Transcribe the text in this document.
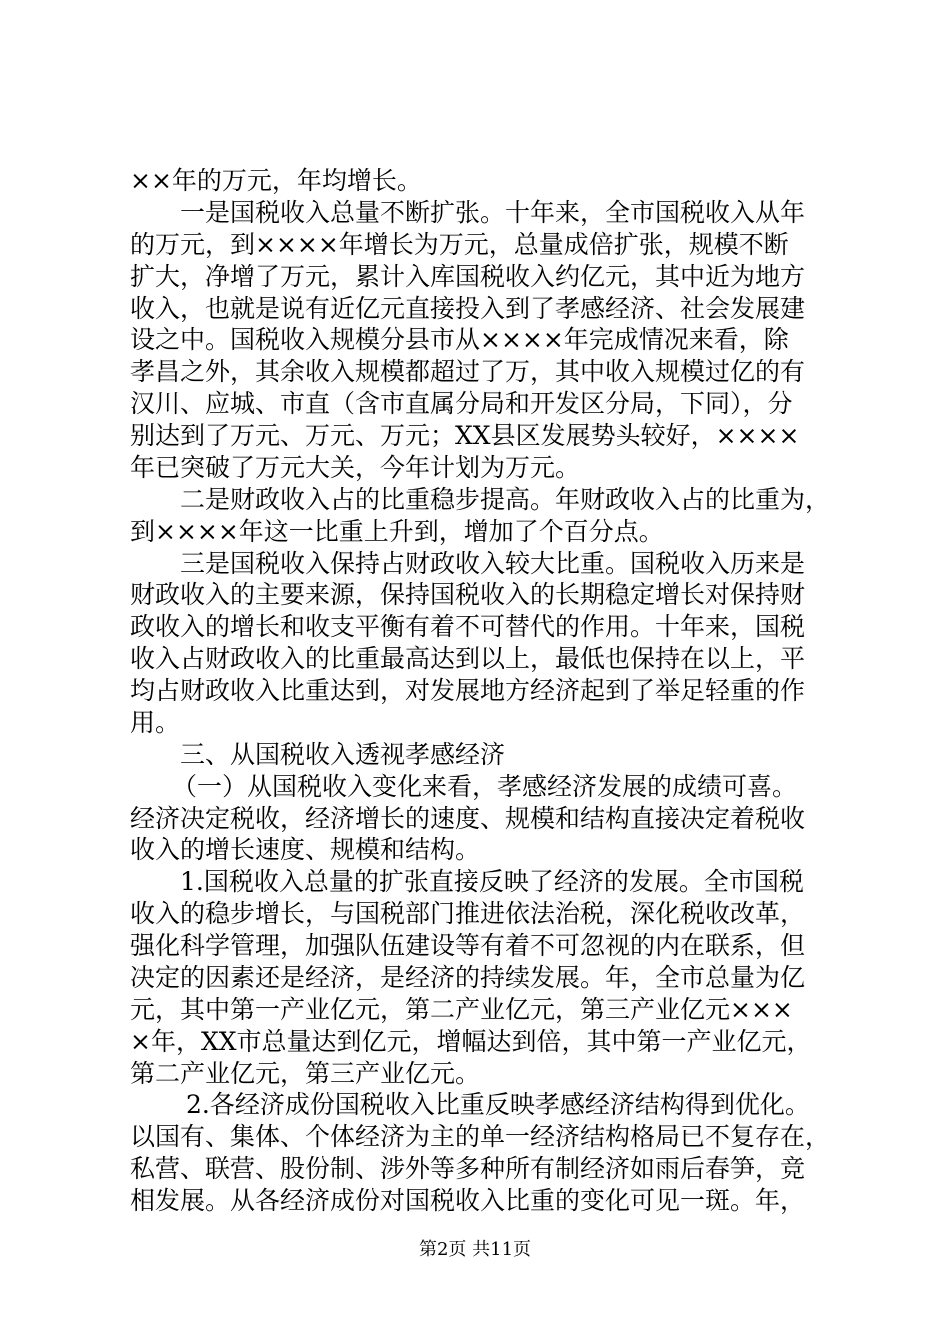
××年的万元，年均增长。
一是国税收入总量不断扩张。十年来，全市国税收入从年
的万元，到××××年增长为万元，总量成倍扩张，规模不断
扩大，净增了万元，累计入库国税收入约亿元，其中近为地方
收入，也就是说有近亿元直接投入到了孝感经济、社会发展建
设之中。国税收入规模分县市从××××年完成情况来看，除
孝昌之外，其余收入规模都超过了万，其中收入规模过亿的有
汉川、应城、市直（含市直属分局和开发区分局，下同），分
别达到了万元、万元、万元；XX县区发展势头较好，××××
年已突破了万元大关，今年计划为万元。
二是财政收入占的比重稳步提高。年财政收入占的比重为，
到××××年这一比重上升到，增加了个百分点。
三是国税收入保持占财政收入较大比重。国税收入历来是
财政收入的主要来源，保持国税收入的长期稳定增长对保持财
政收入的增长和收支平衡有着不可替代的作用。十年来，国税
收入占财政收入的比重最高达到以上，最低也保持在以上，平
均占财政收入比重达到，对发展地方经济起到了举足轻重的作
用。
三、从国税收入透视孝感经济
（一）从国税收入变化来看，孝感经济发展的成绩可喜。
经济决定税收，经济增长的速度、规模和结构直接决定着税收
收入的增长速度、规模和结构。
1.国税收入总量的扩张直接反映了经济的发展。全市国税
收入的稳步增长，与国税部门推进依法治税，深化税收改革，
强化科学管理，加强队伍建设等有着不可忽视的内在联系，但
决定的因素还是经济，是经济的持续发展。年，全市总量为亿
元，其中第一产业亿元，第二产业亿元，第三产业亿元×××
×年，XX市总量达到亿元，增幅达到倍，其中第一产业亿元，
第二产业亿元，第三产业亿元。
2.各经济成份国税收入比重反映孝感经济结构得到优化。
以国有、集体、个体经济为主的单一经济结构格局已不复存在，
私营、联营、股份制、涉外等多种所有制经济如雨后春笋，竞
相发展。从各经济成份对国税收入比重的变化可见一斑。年，
第2页 共11页
